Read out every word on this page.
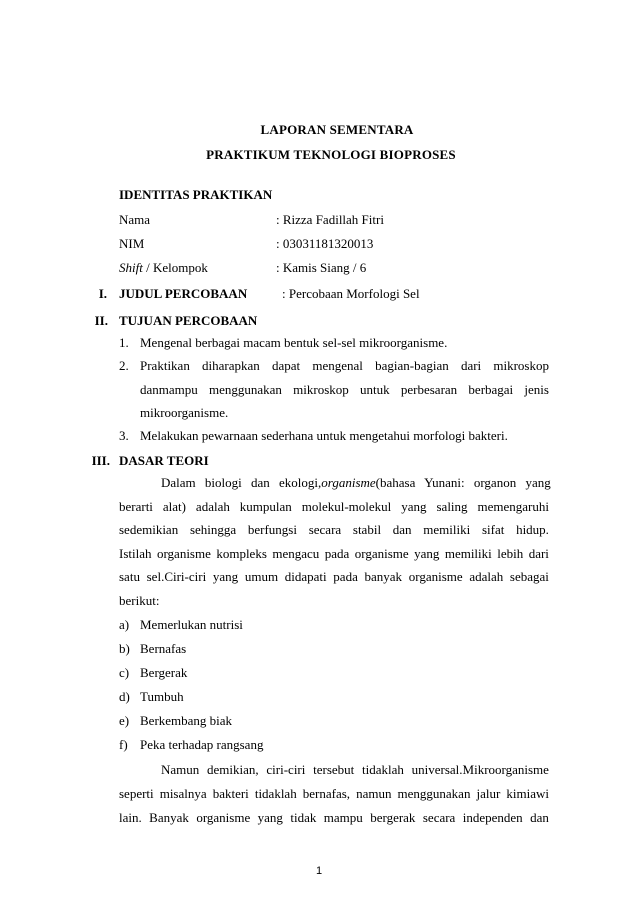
LAPORAN SEMENTARA
PRAKTIKUM TEKNOLOGI BIOPROSES
IDENTITAS PRAKTIKAN
Nama	: Rizza Fadillah Fitri
NIM	: 03031181320013
Shift / Kelompok	: Kamis Siang / 6
I. JUDUL PERCOBAAN	: Percobaan Morfologi Sel
II. TUJUAN PERCOBAAN
1. Mengenal berbagai macam bentuk sel-sel mikroorganisme.
2. Praktikan diharapkan dapat mengenal bagian-bagian dari mikroskop
danmampu menggunakan mikroskop untuk perbesaran berbagai jenis
mikroorganisme.
3. Melakukan pewarnaan sederhana untuk mengetahui morfologi bakteri.
III. DASAR TEORI
Dalam biologi dan ekologi, organisme (bahasa Yunani: organon yang
berarti alat) adalah kumpulan molekul-molekul yang saling memengaruhi
sedemikian sehingga berfungsi secara stabil dan memiliki sifat hidup.
Istilah organisme kompleks mengacu pada organisme yang memiliki lebih dari
satu sel.Ciri-ciri yang umum didapati pada banyak organisme adalah sebagai
berikut:
a) Memerlukan nutrisi
b) Bernafas
c) Bergerak
d) Tumbuh
e) Berkembang biak
f) Peka terhadap rangsang
Namun demikian, ciri-ciri tersebut tidaklah universal.Mikroorganisme
seperti misalnya bakteri tidaklah bernafas, namun menggunakan jalur kimiawi
lain. Banyak organisme yang tidak mampu bergerak secara independen dan
1
